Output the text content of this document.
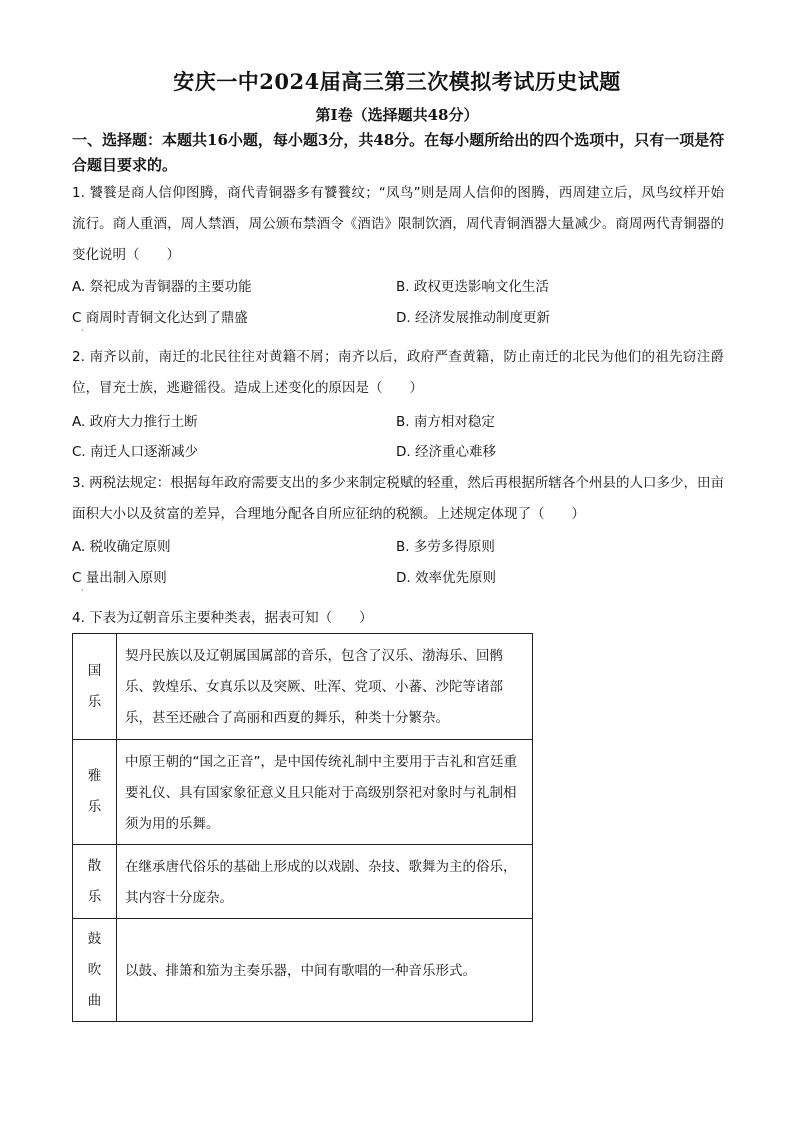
安庆一中2024届高三第三次模拟考试历史试题
第Ⅰ卷（选择题共48分）
一、选择题：本题共16小题，每小题3分，共48分。在每小题所给出的四个选项中，只有一项是符合题目要求的。
1. 饕餮是商人信仰图腾，商代青铜器多有饕餮纹；“凤鸟”则是周人信仰的图腾，西周建立后，凤鸟纹样开始流行。商人重酒，周人禁酒，周公颁布禁酒令《酒诰》限制饮酒，周代青铜酒器大量减少。商周两代青铜器的变化说明（　　）
A. 祭祀成为青铜器的主要功能	B. 政权更迭影响文化生活
C 商周时青铜文化达到了鼎盛	D. 经济发展推动制度更新
·
2. 南齐以前，南迁的北民往往对黄籍不屑；南齐以后，政府严查黄籍，防止南迁的北民为他们的祖先窃注爵位，冒充士族，逃避徭役。造成上述变化的原因是（　　）
A. 政府大力推行土断	B. 南方相对稳定
C. 南迁人口逐渐减少	D. 经济重心难移
3. 两税法规定：根据每年政府需要支出的多少来制定税赋的轻重，然后再根据所辖各个州县的人口多少，田亩面积大小以及贫富的差异，合理地分配各自所应征纳的税额。上述规定体现了（　　）
A. 税收确定原则	B. 多劳多得原则
C 量出制入原则	D. 效率优先原则
·
4. 下表为辽朝音乐主要种类表，据表可知（　　）
国
乐	契丹民族以及辽朝属国属部的音乐，包含了汉乐、渤海乐、回鹘乐、敦煌乐、女真乐以及突厥、吐浑、党项、小蕃、沙陀等诸部乐，甚至还融合了高丽和西夏的舞乐，种类十分繁杂。

雅
乐	中原王朝的“国之正音”，是中国传统礼制中主要用于吉礼和宫廷重要礼仪、具有国家象征意义且只能对于高级别祭祀对象时与礼制相须为用的乐舞。

散
乐	在继承唐代俗乐的基础上形成的以戏剧、杂技、歌舞为主的俗乐，其内容十分庞杂。

鼓
吹
曲	以鼓、排箫和笳为主奏乐器，中间有歌唱的一种音乐形式。
